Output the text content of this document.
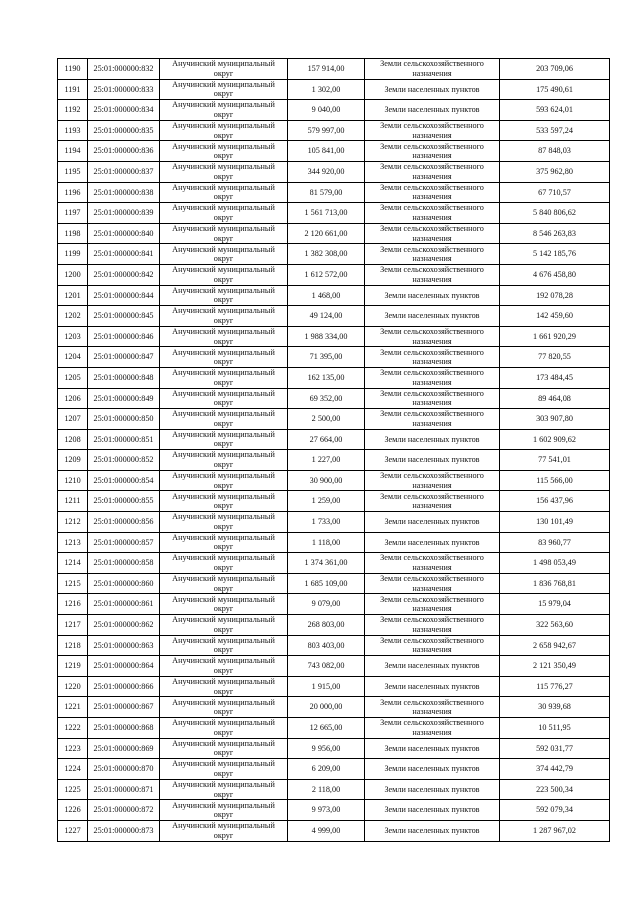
1190	25:01:000000:832	Анучинский муниципальный округ	157 914,00	Земли сельскохозяйственного назначения	203 709,06
1191	25:01:000000:833	Анучинский муниципальный округ	1 302,00	Земли населенных пунктов	175 490,61
1192	25:01:000000:834	Анучинский муниципальный округ	9 040,00	Земли населенных пунктов	593 624,01
1193	25:01:000000:835	Анучинский муниципальный округ	579 997,00	Земли сельскохозяйственного назначения	533 597,24
1194	25:01:000000:836	Анучинский муниципальный округ	105 841,00	Земли сельскохозяйственного назначения	87 848,03
1195	25:01:000000:837	Анучинский муниципальный округ	344 920,00	Земли сельскохозяйственного назначения	375 962,80
1196	25:01:000000:838	Анучинский муниципальный округ	81 579,00	Земли сельскохозяйственного назначения	67 710,57
1197	25:01:000000:839	Анучинский муниципальный округ	1 561 713,00	Земли сельскохозяйственного назначения	5 840 806,62
1198	25:01:000000:840	Анучинский муниципальный округ	2 120 661,00	Земли сельскохозяйственного назначения	8 546 263,83
1199	25:01:000000:841	Анучинский муниципальный округ	1 382 308,00	Земли сельскохозяйственного назначения	5 142 185,76
1200	25:01:000000:842	Анучинский муниципальный округ	1 612 572,00	Земли сельскохозяйственного назначения	4 676 458,80
1201	25:01:000000:844	Анучинский муниципальный округ	1 468,00	Земли населенных пунктов	192 078,28
1202	25:01:000000:845	Анучинский муниципальный округ	49 124,00	Земли населенных пунктов	142 459,60
1203	25:01:000000:846	Анучинский муниципальный округ	1 988 334,00	Земли сельскохозяйственного назначения	1 661 920,29
1204	25:01:000000:847	Анучинский муниципальный округ	71 395,00	Земли сельскохозяйственного назначения	77 820,55
1205	25:01:000000:848	Анучинский муниципальный округ	162 135,00	Земли сельскохозяйственного назначения	173 484,45
1206	25:01:000000:849	Анучинский муниципальный округ	69 352,00	Земли сельскохозяйственного назначения	89 464,08
1207	25:01:000000:850	Анучинский муниципальный округ	2 500,00	Земли сельскохозяйственного назначения	303 907,80
1208	25:01:000000:851	Анучинский муниципальный округ	27 664,00	Земли населенных пунктов	1 602 909,62
1209	25:01:000000:852	Анучинский муниципальный округ	1 227,00	Земли населенных пунктов	77 541,01
1210	25:01:000000:854	Анучинский муниципальный округ	30 900,00	Земли сельскохозяйственного назначения	115 566,00
1211	25:01:000000:855	Анучинский муниципальный округ	1 259,00	Земли сельскохозяйственного назначения	156 437,96
1212	25:01:000000:856	Анучинский муниципальный округ	1 733,00	Земли населенных пунктов	130 101,49
1213	25:01:000000:857	Анучинский муниципальный округ	1 118,00	Земли населенных пунктов	83 960,77
1214	25:01:000000:858	Анучинский муниципальный округ	1 374 361,00	Земли сельскохозяйственного назначения	1 498 053,49
1215	25:01:000000:860	Анучинский муниципальный округ	1 685 109,00	Земли сельскохозяйственного назначения	1 836 768,81
1216	25:01:000000:861	Анучинский муниципальный округ	9 079,00	Земли сельскохозяйственного назначения	15 979,04
1217	25:01:000000:862	Анучинский муниципальный округ	268 803,00	Земли сельскохозяйственного назначения	322 563,60
1218	25:01:000000:863	Анучинский муниципальный округ	803 403,00	Земли сельскохозяйственного назначения	2 658 942,67
1219	25:01:000000:864	Анучинский муниципальный округ	743 082,00	Земли населенных пунктов	2 121 350,49
1220	25:01:000000:866	Анучинский муниципальный округ	1 915,00	Земли населенных пунктов	115 776,27
1221	25:01:000000:867	Анучинский муниципальный округ	20 000,00	Земли сельскохозяйственного назначения	30 939,68
1222	25:01:000000:868	Анучинский муниципальный округ	12 665,00	Земли сельскохозяйственного назначения	10 511,95
1223	25:01:000000:869	Анучинский муниципальный округ	9 956,00	Земли населенных пунктов	592 031,77
1224	25:01:000000:870	Анучинский муниципальный округ	6 209,00	Земли населенных пунктов	374 442,79
1225	25:01:000000:871	Анучинский муниципальный округ	2 118,00	Земли населенных пунктов	223 500,34
1226	25:01:000000:872	Анучинский муниципальный округ	9 973,00	Земли населенных пунктов	592 079,34
1227	25:01:000000:873	Анучинский муниципальный округ	4 999,00	Земли населенных пунктов	1 287 967,02
